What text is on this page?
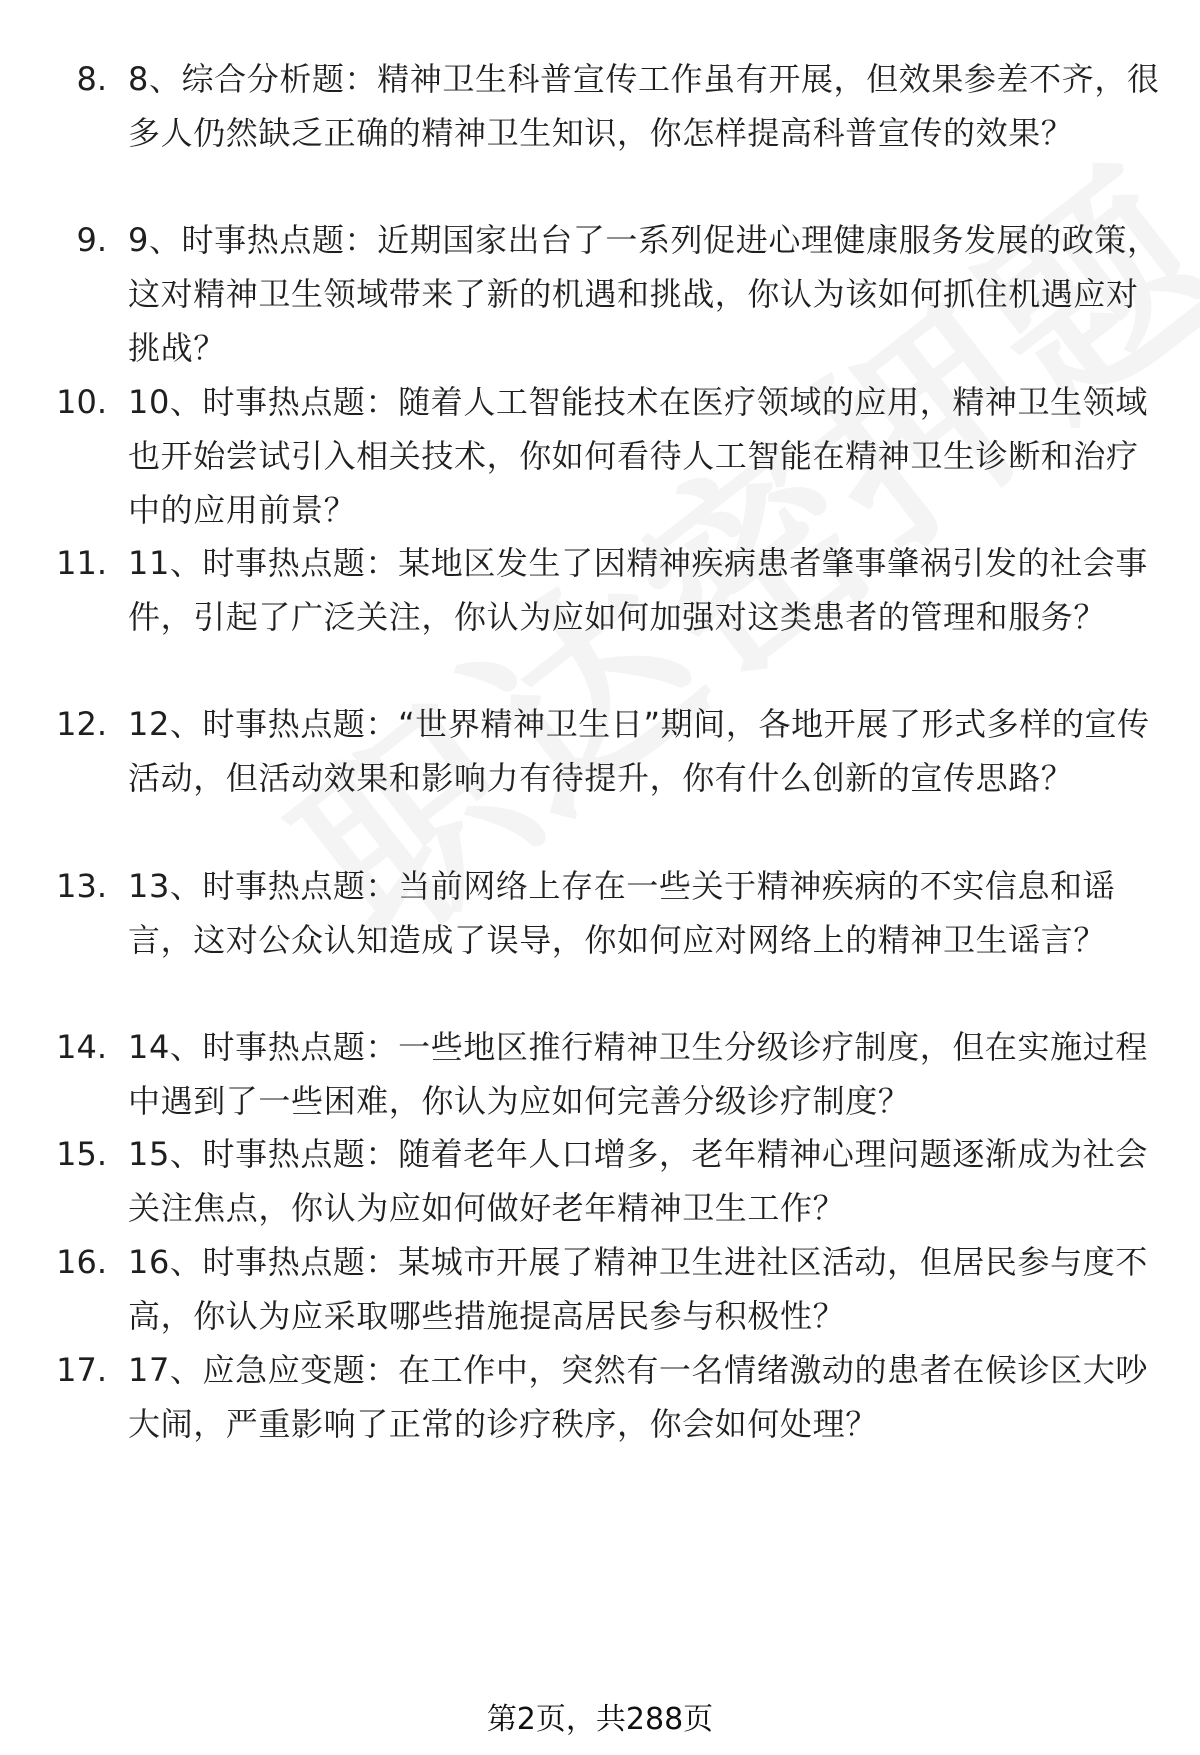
8. 8、综合分析题：精神卫生科普宣传工作虽有开展，但效果参差不齐，很多人仍然缺乏正确的精神卫生知识，你怎样提高科普宣传的效果？
9. 9、时事热点题：近期国家出台了一系列促进心理健康服务发展的政策，这对精神卫生领域带来了新的机遇和挑战，你认为该如何抓住机遇应对挑战？
10. 10、时事热点题：随着人工智能技术在医疗领域的应用，精神卫生领域也开始尝试引入相关技术，你如何看待人工智能在精神卫生诊断和治疗中的应用前景？
11. 11、时事热点题：某地区发生了因精神疾病患者肇事肇祸引发的社会事件，引起了广泛关注，你认为应如何加强对这类患者的管理和服务？
12. 12、时事热点题：“世界精神卫生日”期间，各地开展了形式多样的宣传活动，但活动效果和影响力有待提升，你有什么创新的宣传思路？
13. 13、时事热点题：当前网络上存在一些关于精神疾病的不实信息和谣言，这对公众认知造成了误导，你如何应对网络上的精神卫生谣言？
14. 14、时事热点题：一些地区推行精神卫生分级诊疗制度，但在实施过程中遇到了一些困难，你认为应如何完善分级诊疗制度？
15. 15、时事热点题：随着老年人口增多，老年精神心理问题逐渐成为社会关注焦点，你认为应如何做好老年精神卫生工作？
16. 16、时事热点题：某城市开展了精神卫生进社区活动，但居民参与度不高，你认为应采取哪些措施提高居民参与积极性？
17. 17、应急应变题：在工作中，突然有一名情绪激动的患者在候诊区大吵大闹，严重影响了正常的诊疗秩序，你会如何处理？
第2页，共288页
